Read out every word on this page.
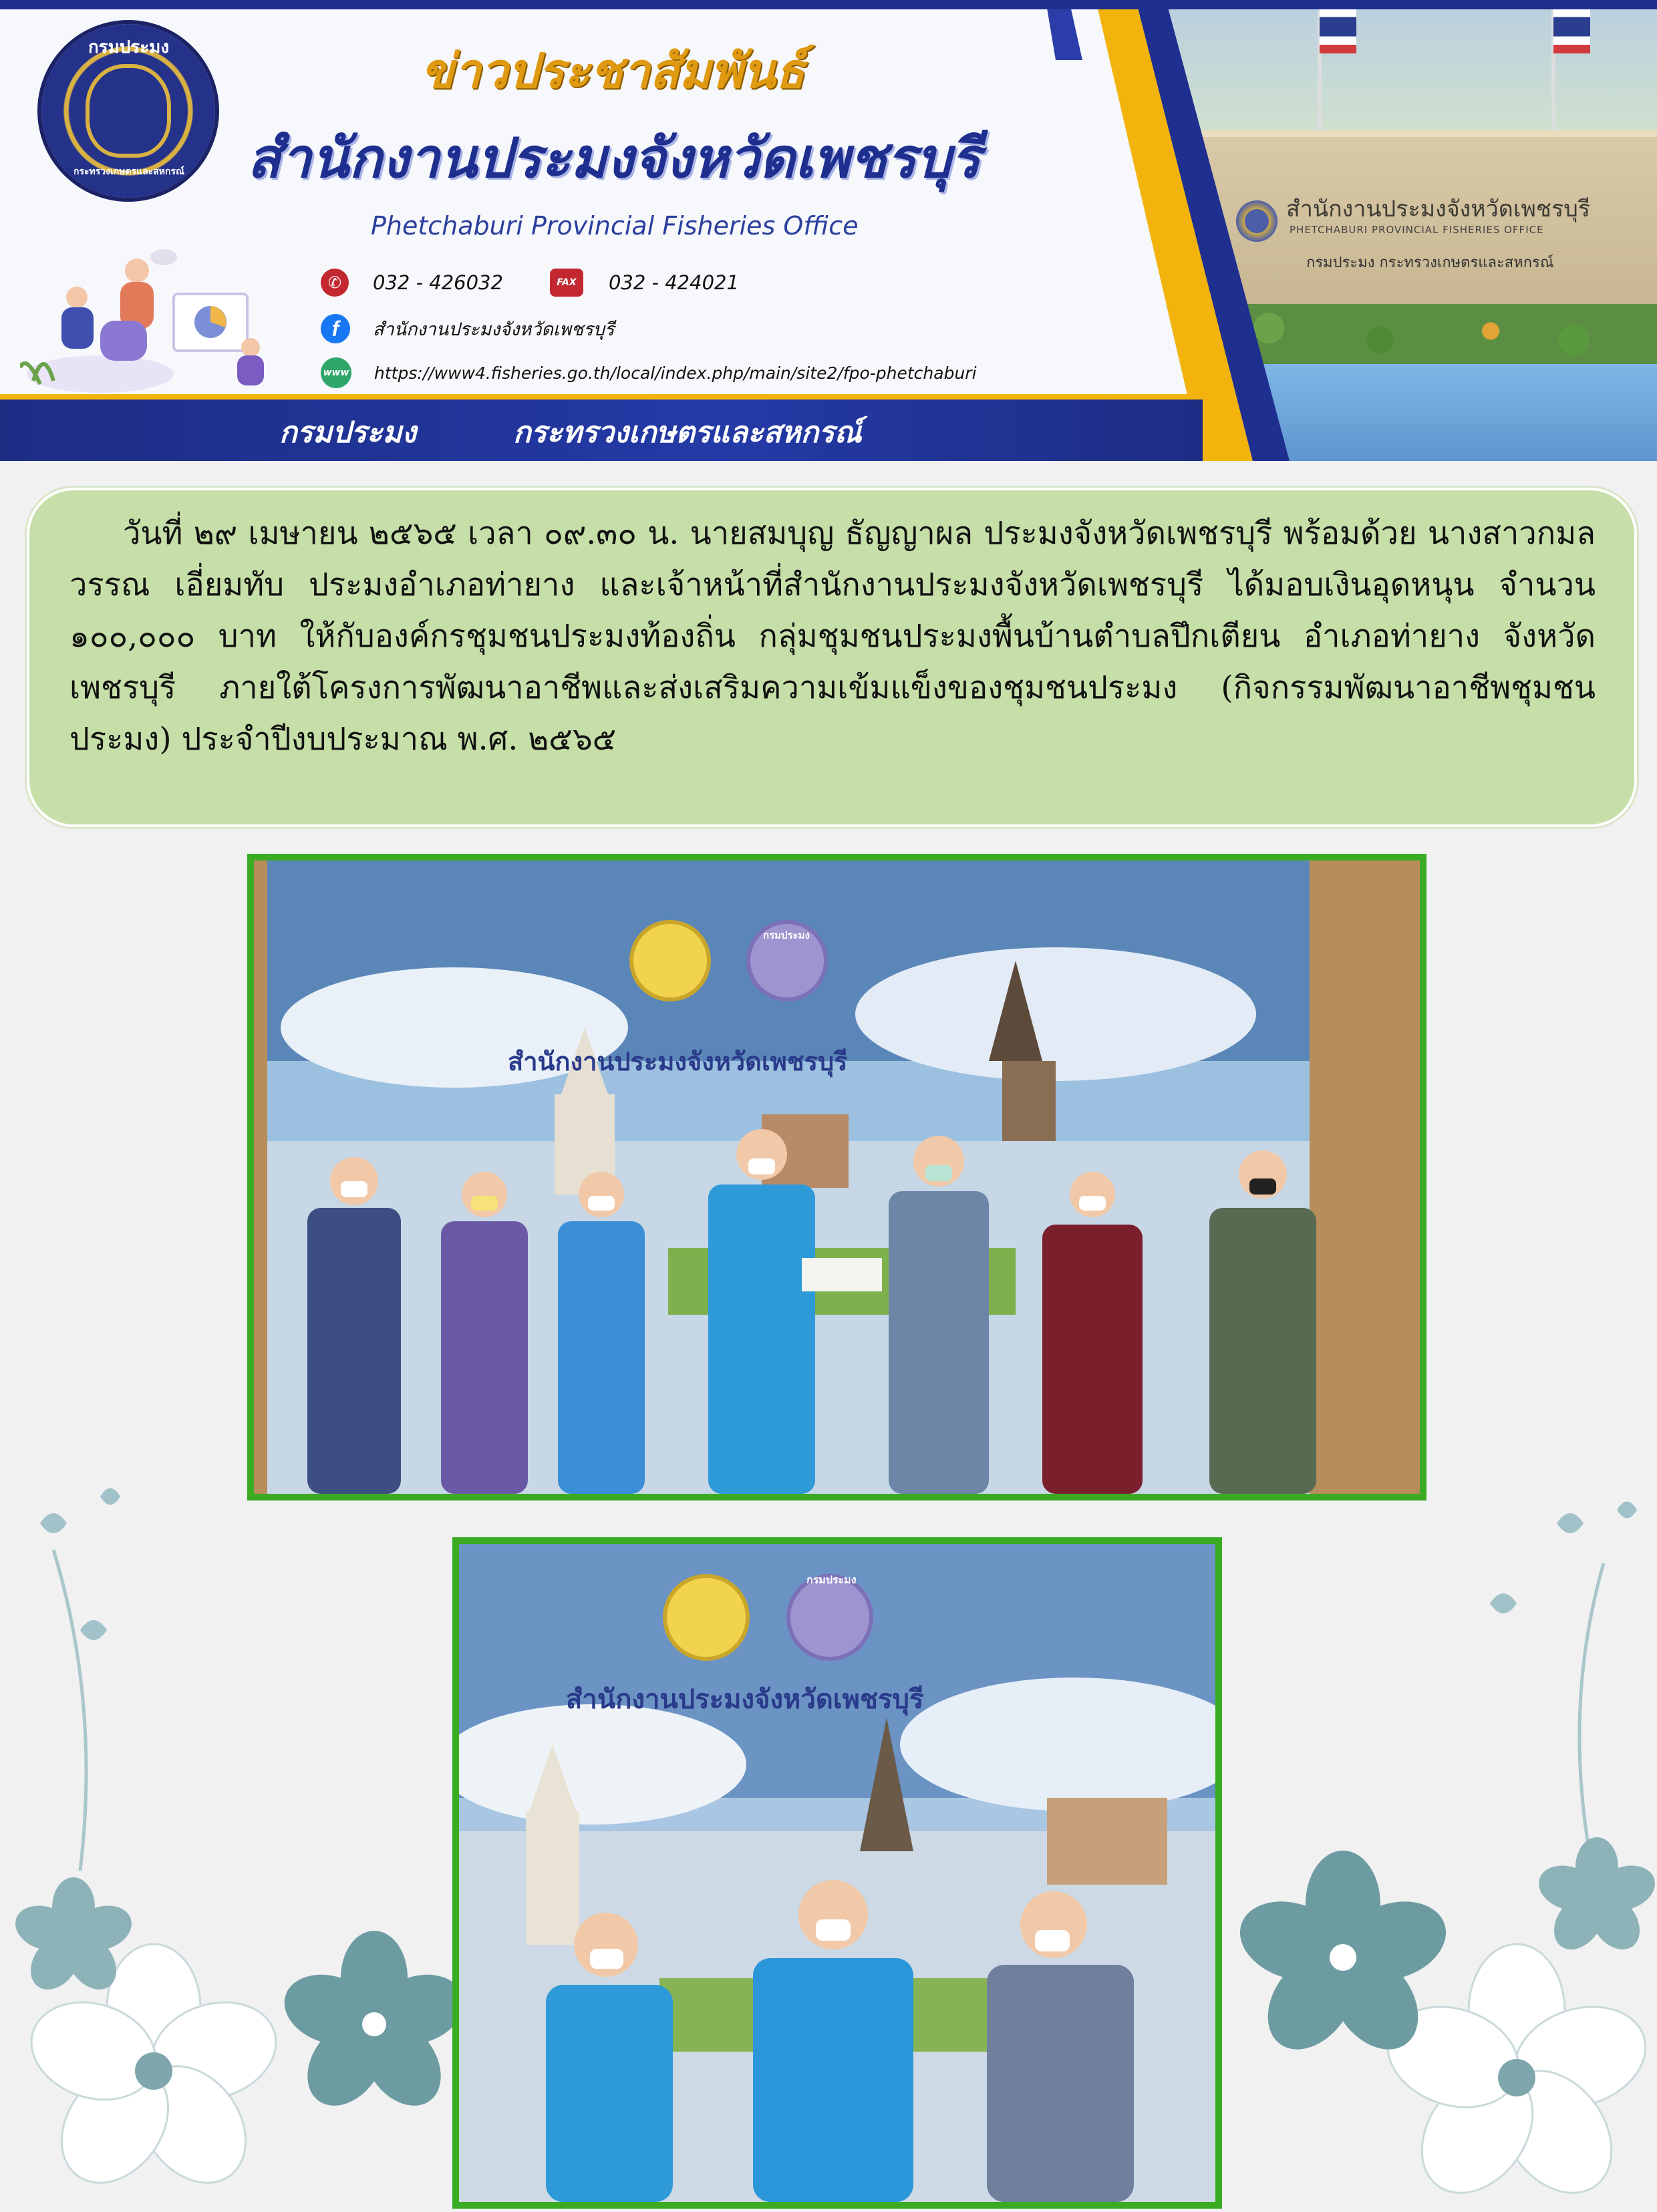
สำนักงานประมงจังหวัดเพชรบุรี
PHETCHABURI PROVINCIAL FISHERIES OFFICE
กรมประมง กระทรวงเกษตรและสหกรณ์
กรมประมง
กระทรวงเกษตรและสหกรณ์
ข่าวประชาสัมพันธ์
สำนักงานประมงจังหวัดเพชรบุรี
Phetchaburi Provincial Fisheries Office
✆	032 - 426032	FAX 032 - 424021
f	สำนักงานประมงจังหวัดเพชรบุรี
www https://www4.fisheries.go.th/local/index.php/main/site2/fpo-phetchaburi
กรมประมง	กระทรวงเกษตรและสหกรณ์

วันที่ ๒๙ เมษายน ๒๕๖๕ เวลา ๐๙.๓๐ น. นายสมบุญ ธัญญาผล ประมงจังหวัดเพชรบุรี พร้อมด้วย นางสาวกมลวรรณ เอี่ยมทับ ประมงอำเภอท่ายาง และเจ้าหน้าที่สำนักงานประมงจังหวัดเพชรบุรี ได้มอบเงินอุดหนุน จำนวน ๑๐๐,๐๐๐ บาท ให้กับองค์กรชุมชนประมงท้องถิ่น กลุ่มชุมชนประมงพื้นบ้านตำบลปึกเตียน อำเภอท่ายาง จังหวัดเพชรบุรี ภายใต้โครงการพัฒนาอาชีพและส่งเสริมความเข้มแข็งของชุมชนประมง (กิจกรรมพัฒนาอาชีพชุมชนประมง) ประจำปีงบประมาณ พ.ศ. ๒๕๖๕

สำนักงานประมงจังหวัดเพชรบุรี
กรมประมง
สำนักงานประมงจังหวัดเพชรบุรี
กรมประมง
